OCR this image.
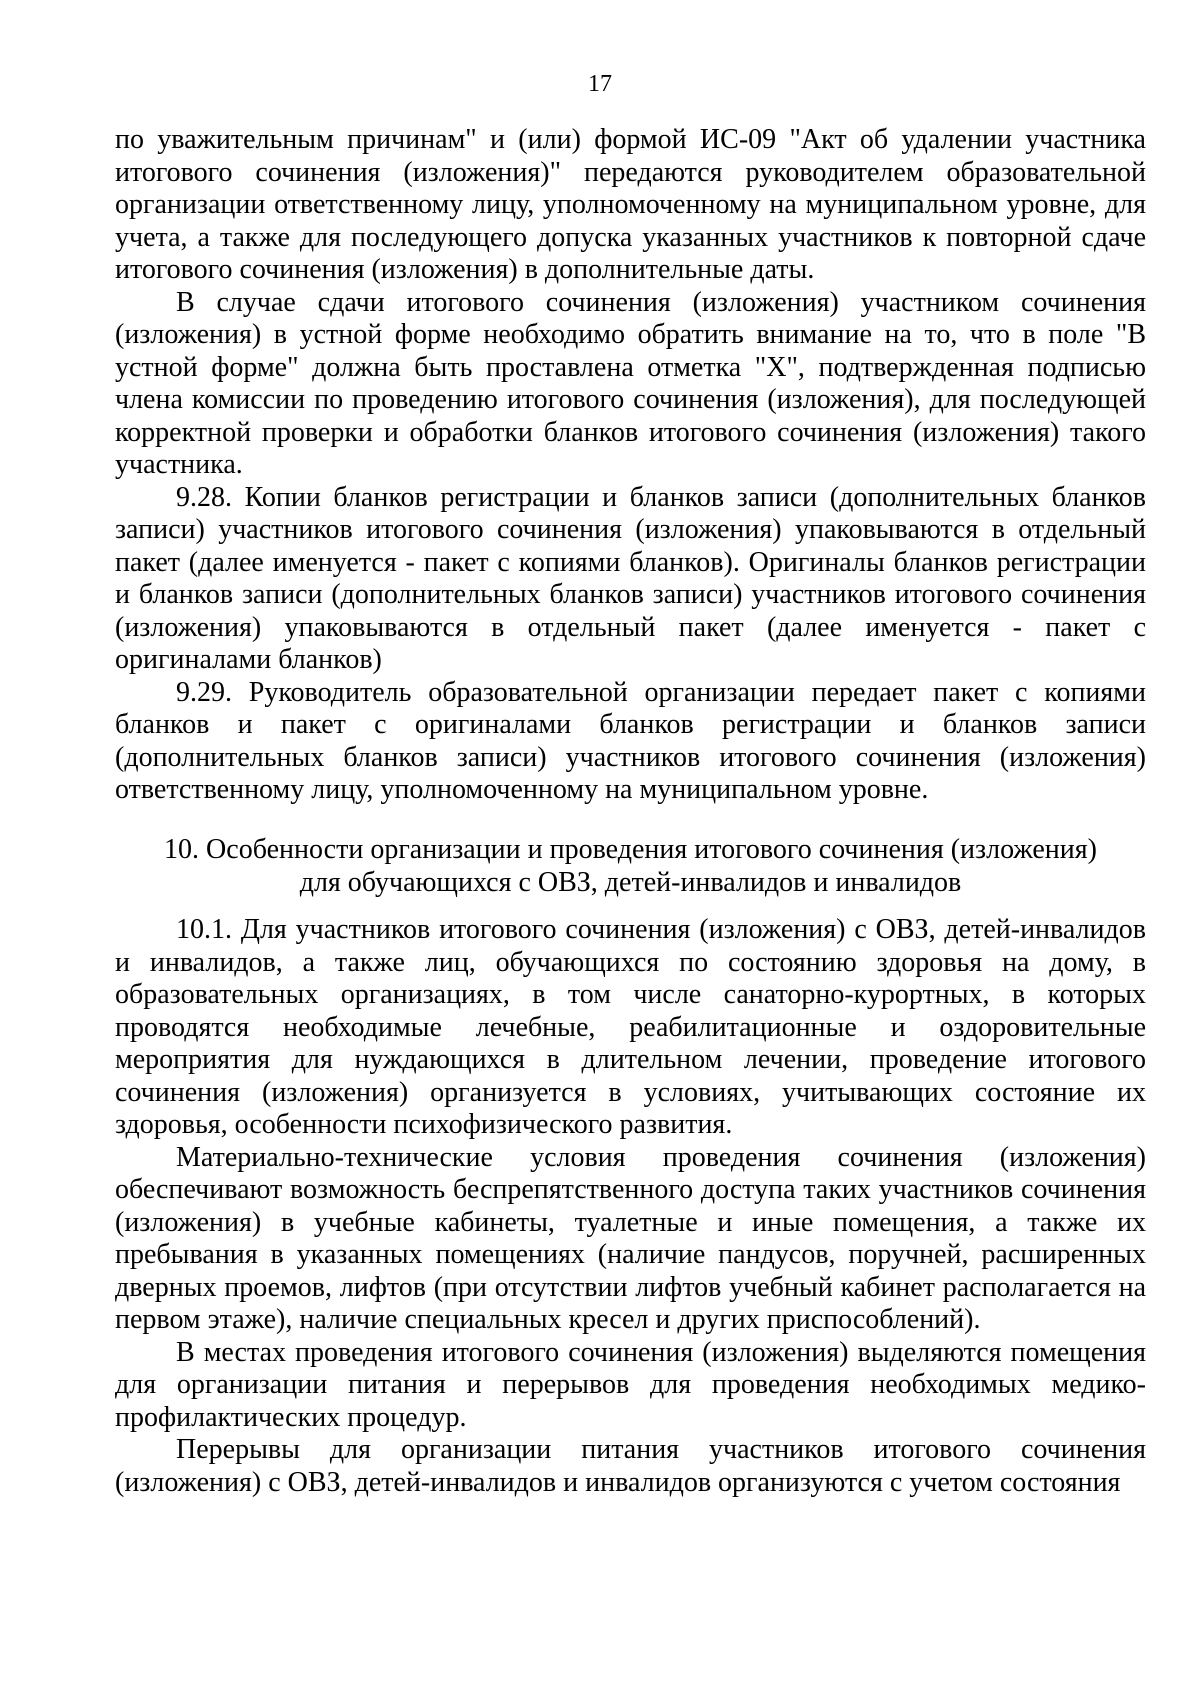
17

по уважительным причинам" и (или) формой ИС-09 "Акт об удалении участника итогового сочинения (изложения)" передаются руководителем образовательной организации ответственному лицу, уполномоченному на муниципальном уровне, для учета, а также для последующего допуска указанных участников к повторной сдаче итогового сочинения (изложения) в дополнительные даты.

В случае сдачи итогового сочинения (изложения) участником сочинения (изложения) в устной форме необходимо обратить внимание на то, что в поле "В устной форме" должна быть проставлена отметка "X", подтвержденная подписью члена комиссии по проведению итогового сочинения (изложения), для последующей корректной проверки и обработки бланков итогового сочинения (изложения) такого участника.

9.28. Копии бланков регистрации и бланков записи (дополнительных бланков записи) участников итогового сочинения (изложения) упаковываются в отдельный пакет (далее именуется - пакет с копиями бланков). Оригиналы бланков регистрации и бланков записи (дополнительных бланков записи) участников итогового сочинения (изложения) упаковываются в отдельный пакет (далее именуется - пакет с оригиналами бланков)

9.29. Руководитель образовательной организации передает пакет с копиями бланков и пакет с оригиналами бланков регистрации и бланков записи (дополнительных бланков записи) участников итогового сочинения (изложения) ответственному лицу, уполномоченному на муниципальном уровне.

10. Особенности организации и проведения итогового сочинения (изложения)
для обучающихся с ОВЗ, детей-инвалидов и инвалидов

10.1. Для участников итогового сочинения (изложения) с ОВЗ, детей-инвалидов и инвалидов, а также лиц, обучающихся по состоянию здоровья на дому, в образовательных организациях, в том числе санаторно-курортных, в которых проводятся необходимые лечебные, реабилитационные и оздоровительные мероприятия для нуждающихся в длительном лечении, проведение итогового сочинения (изложения) организуется в условиях, учитывающих состояние их здоровья, особенности психофизического развития.

Материально-технические условия проведения сочинения (изложения) обеспечивают возможность беспрепятственного доступа таких участников сочинения (изложения) в учебные кабинеты, туалетные и иные помещения, а также их пребывания в указанных помещениях (наличие пандусов, поручней, расширенных дверных проемов, лифтов (при отсутствии лифтов учебный кабинет располагается на первом этаже), наличие специальных кресел и других приспособлений).

В местах проведения итогового сочинения (изложения) выделяются помещения для организации питания и перерывов для проведения необходимых медико-профилактических процедур.

Перерывы для организации питания участников итогового сочинения (изложения) с ОВЗ, детей-инвалидов и инвалидов организуются с учетом состояния
